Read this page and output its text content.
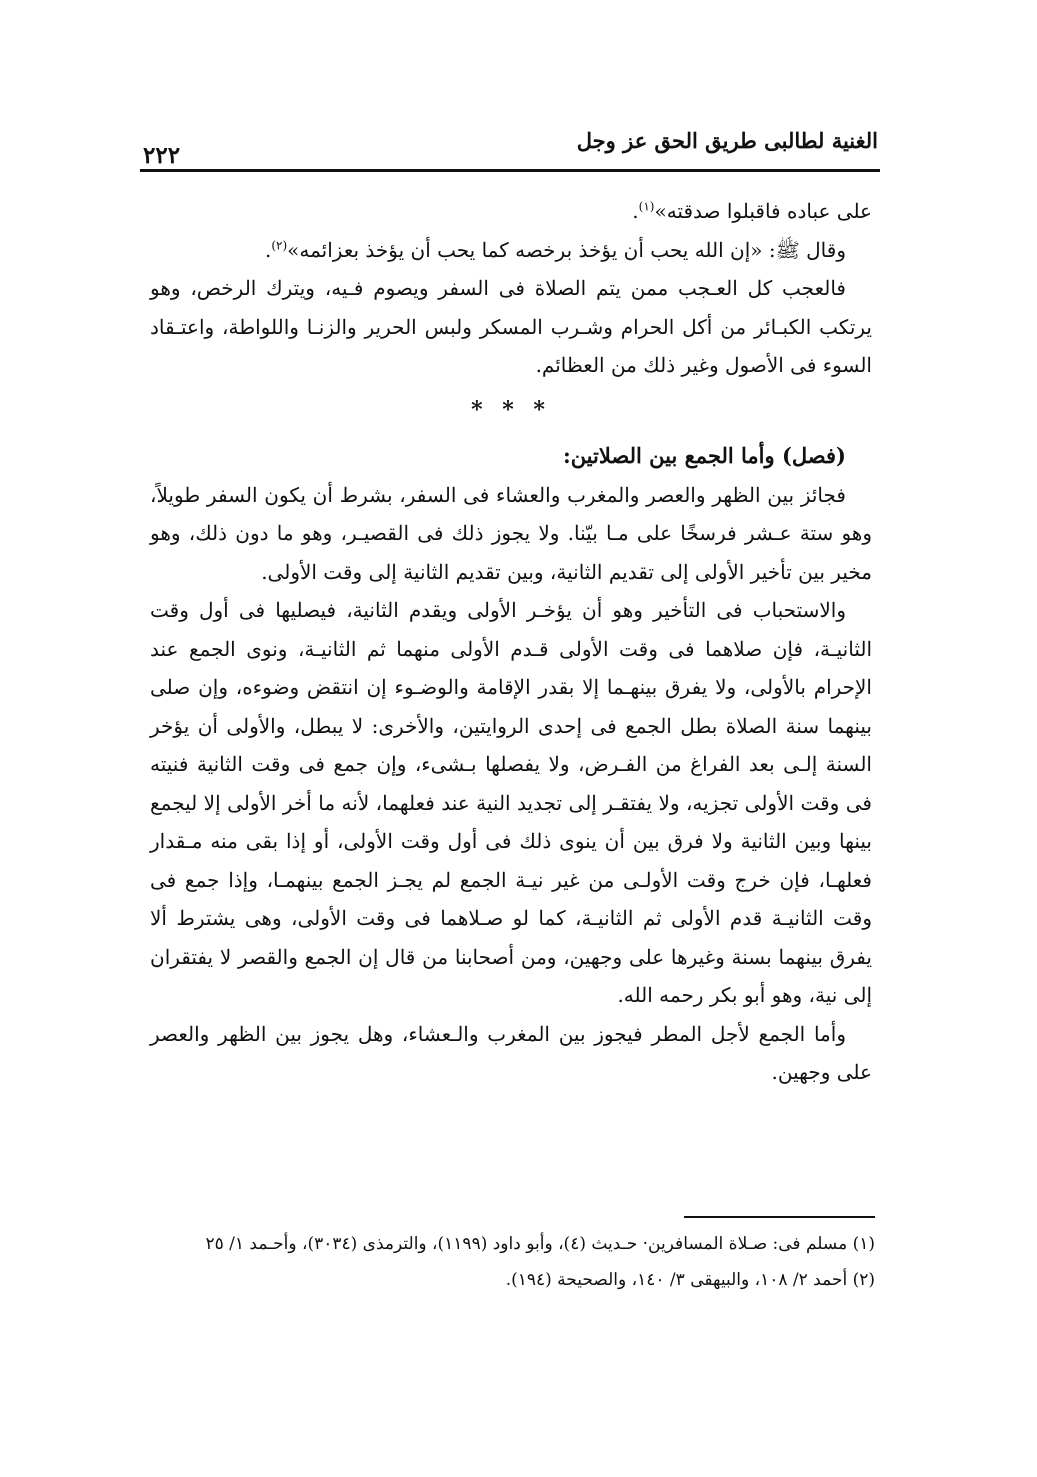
الغنية لطالبى طريق الحق عز وجل
٢٢٢

على عباده فاقبلوا صدقته»$^{(١)}$.

وقال ﷺ: «إن الله يحب أن يؤخذ برخصه كما يحب أن يؤخذ بعزائمه»$^{(٢)}$.

فالعجب كل العـجب ممن يتم الصلاة فى السفر ويصوم فـيه، ويترك الرخص، وهو يرتكب الكبـائر من أكل الحرام وشـرب المسكر ولبس الحرير والزنـا واللواطة، واعتـقاد السوء فى الأصول وغير ذلك من العظائم.

* * *

(فصل) وأما الجمع بين الصلاتين:

فجائز بين الظهر والعصر والمغرب والعشاء فى السفر، بشرط أن يكون السفر طويلاً، وهو ستة عـشر فرسخًا على مـا بيّنا. ولا يجوز ذلك فى القصيـر، وهو ما دون ذلك، وهو مخير بين تأخير الأولى إلى تقديم الثانية، وبين تقديم الثانية إلى وقت الأولى.

والاستحباب فى التأخير وهو أن يؤخـر الأولى ويقدم الثانية، فيصليها فى أول وقت الثانيـة، فإن صلاهما فى وقت الأولى قـدم الأولى منهما ثم الثانيـة، ونوى الجمع عند الإحرام بالأولى، ولا يفرق بينهـما إلا بقدر الإقامة والوضـوء إن انتقض وضوءه، وإن صلى بينهما سنة الصلاة بطل الجمع فى إحدى الروايتين، والأخرى: لا يبطل، والأولى أن يؤخر السنة إلـى بعد الفراغ من الفـرض، ولا يفصلها بـشىء، وإن جمع فى وقت الثانية فنيته فى وقت الأولى تجزيه، ولا يفتقـر إلى تجديد النية عند فعلهما، لأنه ما أخر الأولى إلا ليجمع بينها وبين الثانية ولا فرق بين أن ينوى ذلك فى أول وقت الأولى، أو إذا بقى منه مـقدار فعلهـا، فإن خرج وقت الأولـى من غير نيـة الجمع لم يجـز الجمع بينهمـا، وإذا جمع فى وقت الثانيـة قدم الأولى ثم الثانيـة، كما لو صـلاهما فى وقت الأولى، وهى يشترط ألا يفرق بينهما بسنة وغيرها على وجهين، ومن أصحابنا من قال إن الجمع والقصر لا يفتقران إلى نية، وهو أبو بكر رحمه الله.

وأما الجمع لأجل المطر فيجوز بين المغرب والـعشاء، وهل يجوز بين الظهر والعصر على وجهين.

(١) مسلم فى: صـلاة المسافرين· حـديث (٤)، وأبو داود (١١٩٩)، والترمذى (٣٠٣٤)، وأحـمد ١/ ٢٥

(٢) أحمد ٢/ ١٠٨، والبيهقى ٣/ ١٤٠، والصحيحة (١٩٤).
